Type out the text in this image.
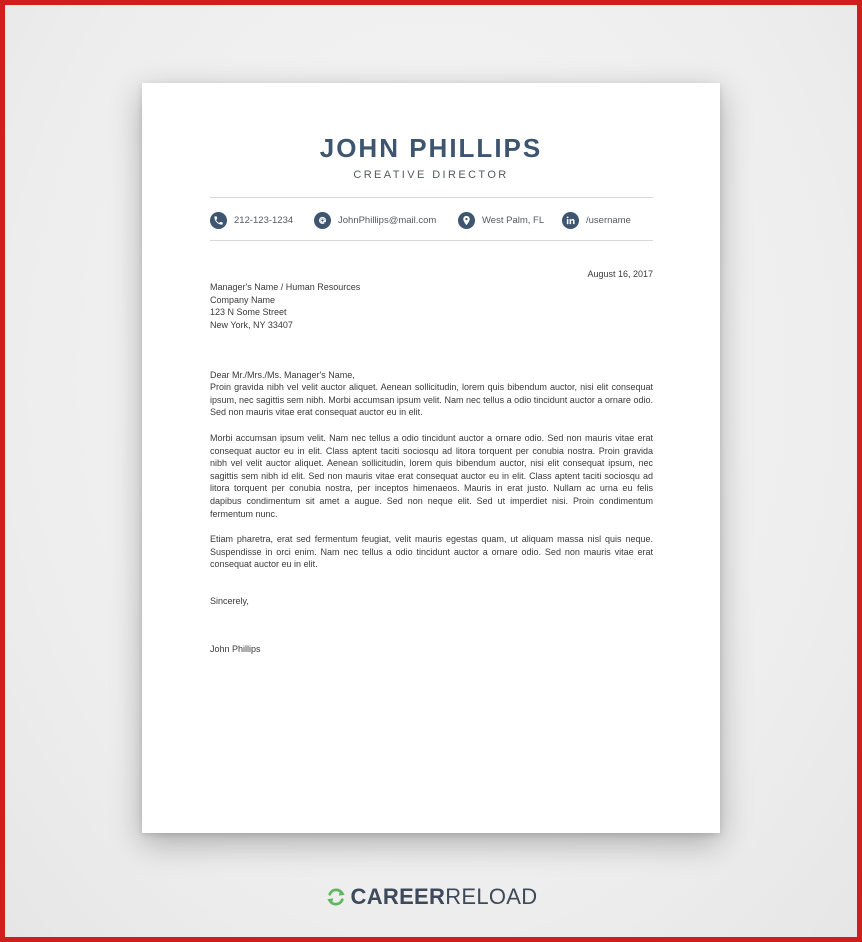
JOHN PHILLIPS
CREATIVE DIRECTOR
212-123-1234	JohnPhillips@mail.com	West Palm, FL	/username
August 16, 2017
Manager's Name / Human Resources
Company Name
123 N Some Street
New York, NY 33407
Dear Mr./Mrs./Ms. Manager's Name,
Proin gravida nibh vel velit auctor aliquet. Aenean sollicitudin, lorem quis bibendum auctor, nisi elit consequat ipsum, nec sagittis sem nibh. Morbi accumsan ipsum velit. Nam nec tellus a odio tincidunt auctor a ornare odio. Sed non mauris vitae erat consequat auctor eu in elit.
Morbi accumsan ipsum velit. Nam nec tellus a odio tincidunt auctor a ornare odio. Sed non mauris vitae erat consequat auctor eu in elit. Class aptent taciti sociosqu ad litora torquent per conubia nostra. Proin gravida nibh vel velit auctor aliquet. Aenean sollicitudin, lorem quis bibendum auctor, nisi elit consequat ipsum, nec sagittis sem nibh id elit. Sed non mauris vitae erat consequat auctor eu in elit. Class aptent taciti sociosqu ad litora torquent per conubia nostra, per inceptos himenaeos. Mauris in erat justo. Nullam ac urna eu felis dapibus condimentum sit amet a augue. Sed non neque elit. Sed ut imperdiet nisi. Proin condimentum fermentum nunc.
Etiam pharetra, erat sed fermentum feugiat, velit mauris egestas quam, ut aliquam massa nisl quis neque. Suspendisse in orci enim. Nam nec tellus a odio tincidunt auctor a ornare odio. Sed non mauris vitae erat consequat auctor eu in elit.
Sincerely,
John Phillips
CAREER RELOAD
